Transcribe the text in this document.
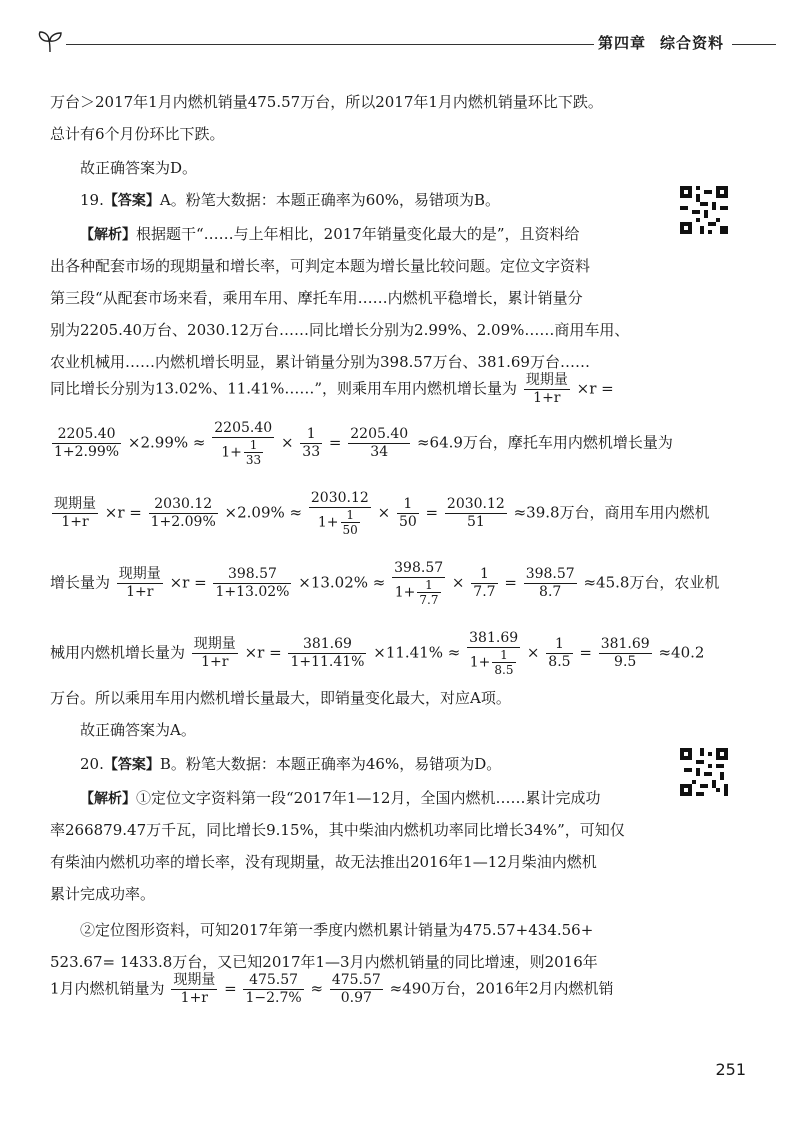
第四章 综合资料
万台＞2017年1月内燃机销量475.57万台，所以2017年1月内燃机销量环比下跌。
总计有6个月份环比下跌。
故正确答案为D。
19.【答案】A。粉笔大数据：本题正确率为60%，易错项为B。
【解析】根据题干“……与上年相比，2017年销量变化最大的是”，且资料给
出各种配套市场的现期量和增长率，可判定本题为增长量比较问题。定位文字资料
第三段“从配套市场来看，乘用车用、摩托车用……内燃机平稳增长，累计销量分
别为2205.40万台、2030.12万台……同比增长分别为2.99%、2.09%……商用车用、
农业机械用……内燃机增长明显，累计销量分别为398.57万台、381.69万台……
同比增长分别为13.02%、11.41%……”，则乘用车用内燃机增长量为 $\frac{\text{现期量}}{1+r} \times r$ =
$\frac{2205.40}{1+2.99\%} \times 2.99\% \approx \frac{2205.40}{1+ \frac{1}{33}} \times \frac{1}{33} = \frac{2205.40}{34} \approx 64.9$万台，摩托车用内燃机增长量为
$\frac{\text{现期量}}{1+r} \times r = \frac{2030.12}{1+2.09\%} \times 2.09\% \approx \frac{2030.12}{1+ \frac{1}{50}} \times \frac{1}{50} = \frac{2030.12}{51} \approx 39.8$万台，商用车用内燃机
增长量为 $\frac{\text{现期量}}{1+r} \times r = \frac{398.57}{1+13.02\%} \times 13.02\% \approx \frac{398.57}{1+ \frac{1}{7.7}} \times \frac{1}{7.7} = \frac{398.57}{8.7} \approx 45.8$万台，农业机
械用内燃机增长量为 $\frac{\text{现期量}}{1+r} \times r = \frac{381.69}{1+11.41\%} \times 11.41\% \approx \frac{381.69}{1+ \frac{1}{8.5}} \times \frac{1}{8.5} = \frac{381.69}{9.5} \approx 40.2$
万台。所以乘用车用内燃机增长量最大，即销量变化最大，对应A项。
故正确答案为A。
20.【答案】B。粉笔大数据：本题正确率为46%，易错项为D。
【解析】①定位文字资料第一段“2017年1—12月，全国内燃机……累计完成功
率266879.47万千瓦，同比增长9.15%，其中柴油内燃机功率同比增长34%”，可知仅
有柴油内燃机功率的增长率，没有现期量，故无法推出2016年1—12月柴油内燃机
累计完成功率。
②定位图形资料，可知2017年第一季度内燃机累计销量为475.57+434.56+
523.67= 1433.8万台，又已知2017年1—3月内燃机销量的同比增速，则2016年
1月内燃机销量为 $\frac{\text{现期量}}{1+r} = \frac{475.57}{1-2.7\%} \approx \frac{475.57}{0.97} \approx 490$万台，2016年2月内燃机销
251
